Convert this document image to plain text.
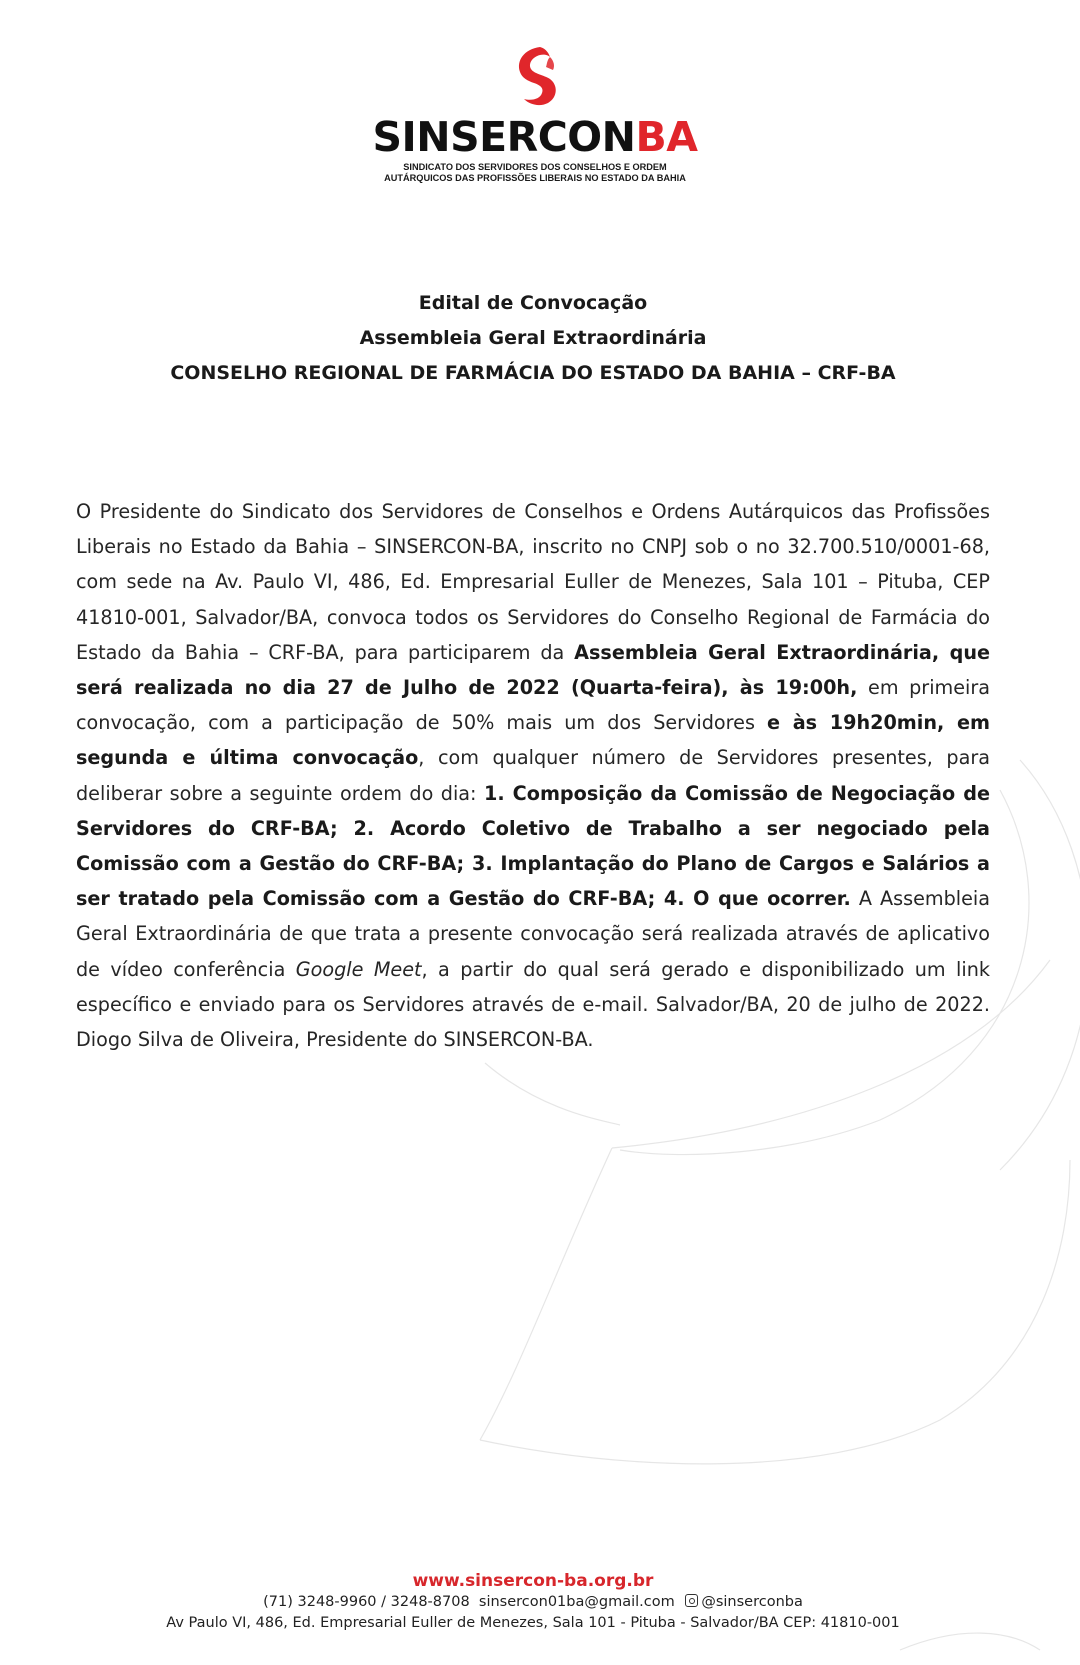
SINSERCONBA
SINDICATO DOS SERVIDORES DOS CONSELHOS E ORDEM
AUTÁRQUICOS DAS PROFISSÕES LIBERAIS NO ESTADO DA BAHIA
Edital de Convocação
Assembleia Geral Extraordinária
CONSELHO REGIONAL DE FARMÁCIA DO ESTADO DA BAHIA – CRF-BA
O Presidente do Sindicato dos Servidores de Conselhos e Ordens Autárquicos das Profissões Liberais no Estado da Bahia – SINSERCON-BA, inscrito no CNPJ sob o no 32.700.510/0001-68, com sede na Av. Paulo VI, 486, Ed. Empresarial Euller de Menezes, Sala 101 – Pituba, CEP 41810-001, Salvador/BA, convoca todos os Servidores do Conselho Regional de Farmácia do Estado da Bahia – CRF-BA, para participarem da Assembleia Geral Extraordinária, que será realizada no dia 27 de Julho de 2022 (Quarta-feira), às 19:00h, em primeira convocação, com a participação de 50% mais um dos Servidores e às 19h20min, em segunda e última convocação, com qualquer número de Servidores presentes, para deliberar sobre a seguinte ordem do dia: 1. Composição da Comissão de Negociação de Servidores do CRF-BA; 2. Acordo Coletivo de Trabalho a ser negociado pela Comissão com a Gestão do CRF-BA; 3. Implantação do Plano de Cargos e Salários a ser tratado pela Comissão com a Gestão do CRF-BA; 4. O que ocorrer. A Assembleia Geral Extraordinária de que trata a presente convocação será realizada através de aplicativo de vídeo conferência Google Meet, a partir do qual será gerado e disponibilizado um link específico e enviado para os Servidores através de e-mail. Salvador/BA, 20 de julho de 2022. Diogo Silva de Oliveira, Presidente do SINSERCON-BA.
www.sinsercon-ba.org.br
(71) 3248-9960 / 3248-8708 sinsercon01ba@gmail.com @sinserconba
Av Paulo VI, 486, Ed. Empresarial Euller de Menezes, Sala 101 - Pituba - Salvador/BA CEP: 41810-001
